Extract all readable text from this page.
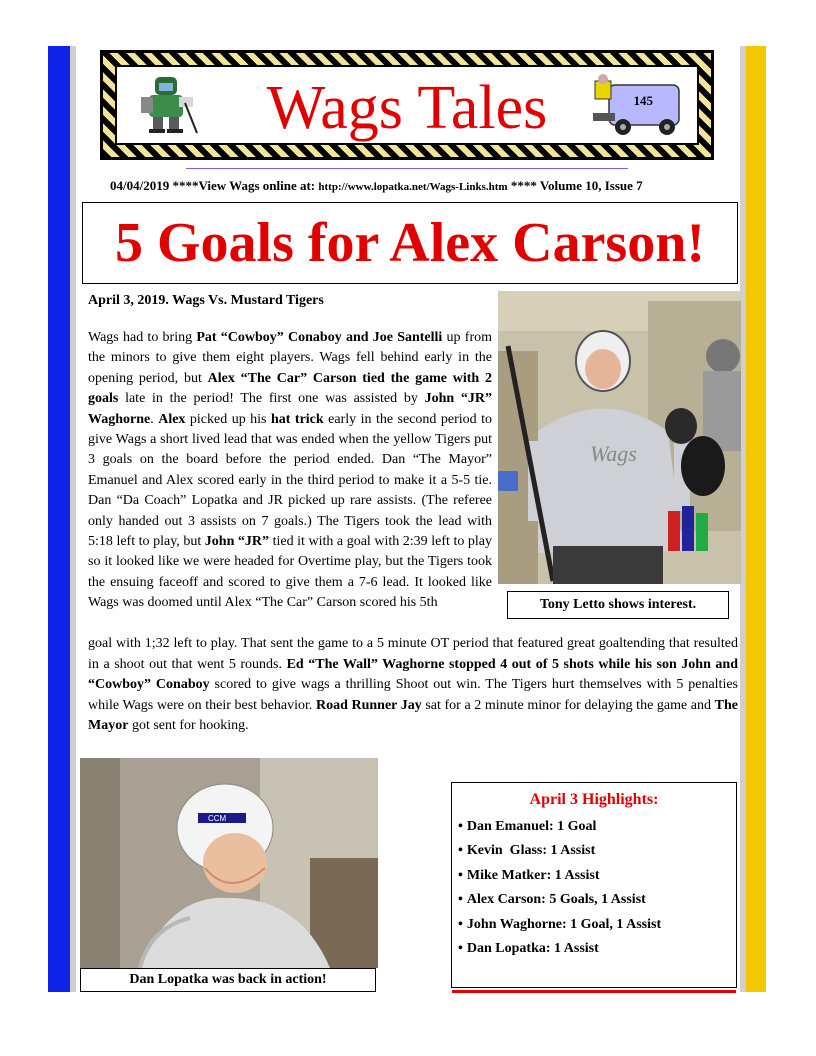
Wags Tales	145
04/04/2019 ****View Wags online at: http://www.lopatka.net/Wags-Links.htm **** Volume 10, Issue 7
5 Goals for Alex Carson!
April 3, 2019. Wags Vs. Mustard Tigers
Wags had to bring Pat “Cowboy” Conaboy and Joe Santelli up from the minors to give them eight players. Wags fell behind early in the opening period, but Alex “The Car” Carson tied the game with 2 goals late in the period! The first one was assisted by John “JR” Waghorne. Alex picked up his hat trick early in the second period to give Wags a short lived lead that was ended when the yellow Tigers put 3 goals on the board before the period ended. Dan “The Mayor” Emanuel and Alex scored early in the third period to make it a 5-5 tie. Dan “Da Coach” Lopatka and JR picked up rare assists. (The referee only handed out 3 assists on 7 goals.) The Tigers took the lead with 5:18 left to play, but John “JR” tied it with a goal with 2:39 left to play so it looked like we were headed for Overtime play, but the Tigers took the ensuing faceoff and scored to give them a 7-6 lead. It looked like Wags was doomed until Alex “The Car” Carson scored his 5th
goal with 1;32 left to play. That sent the game to a 5 minute OT period that featured great goaltending that resulted in a shoot out that went 5 rounds. Ed “The Wall” Waghorne stopped 4 out of 5 shots while his son John and “Cowboy” Conaboy scored to give wags a thrilling Shoot out win. The Tigers hurt themselves with 5 penalties while Wags were on their best behavior. Road Runner Jay sat for a 2 minute minor for delaying the game and The Mayor got sent for hooking.
Wags
Tony Letto shows interest.
CCM
Dan Lopatka was back in action!
April 3 Highlights:
• Dan Emanuel: 1 Goal
• Kevin  Glass: 1 Assist
• Mike Matker: 1 Assist
• Alex Carson: 5 Goals, 1 Assist
• John Waghorne: 1 Goal, 1 Assist
• Dan Lopatka: 1 Assist
